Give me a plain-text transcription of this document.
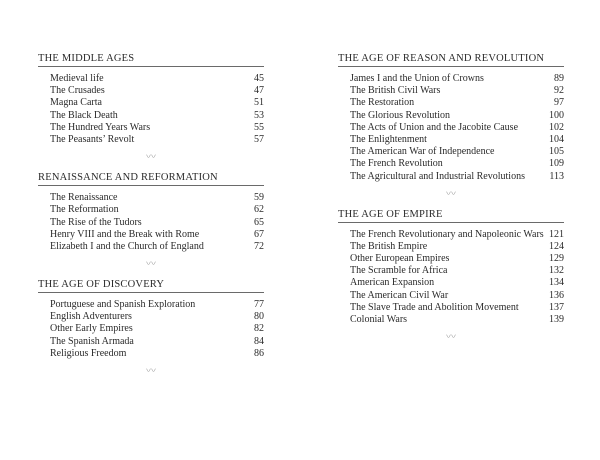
THE MIDDLE AGES
Medieval life	45
The Crusades	47
Magna Carta	51
The Black Death	53
The Hundred Years Wars	55
The Peasants’ Revolt	57
〰
RENAISSANCE AND REFORMATION
The Renaissance	59
The Reformation	62
The Rise of the Tudors	65
Henry VIII and the Break with Rome	67
Elizabeth I and the Church of England	72
〰
THE AGE OF DISCOVERY
Portuguese and Spanish Exploration	77
English Adventurers	80
Other Early Empires	82
The Spanish Armada	84
Religious Freedom	86
〰
THE AGE OF REASON AND REVOLUTION
James I and the Union of Crowns	89
The British Civil Wars	92
The Restoration	97
The Glorious Revolution	100
The Acts of Union and the Jacobite Cause	102
The Enlightenment	104
The American War of Independence	105
The French Revolution	109
The Agricultural and Industrial Revolutions 113
〰
THE AGE OF EMPIRE
The French Revolutionary and Napoleonic Wars 121
The British Empire	124
Other European Empires	129
The Scramble for Africa	132
American Expansion	134
The American Civil War	136
The Slave Trade and Abolition Movement	137
Colonial Wars	139
〰
